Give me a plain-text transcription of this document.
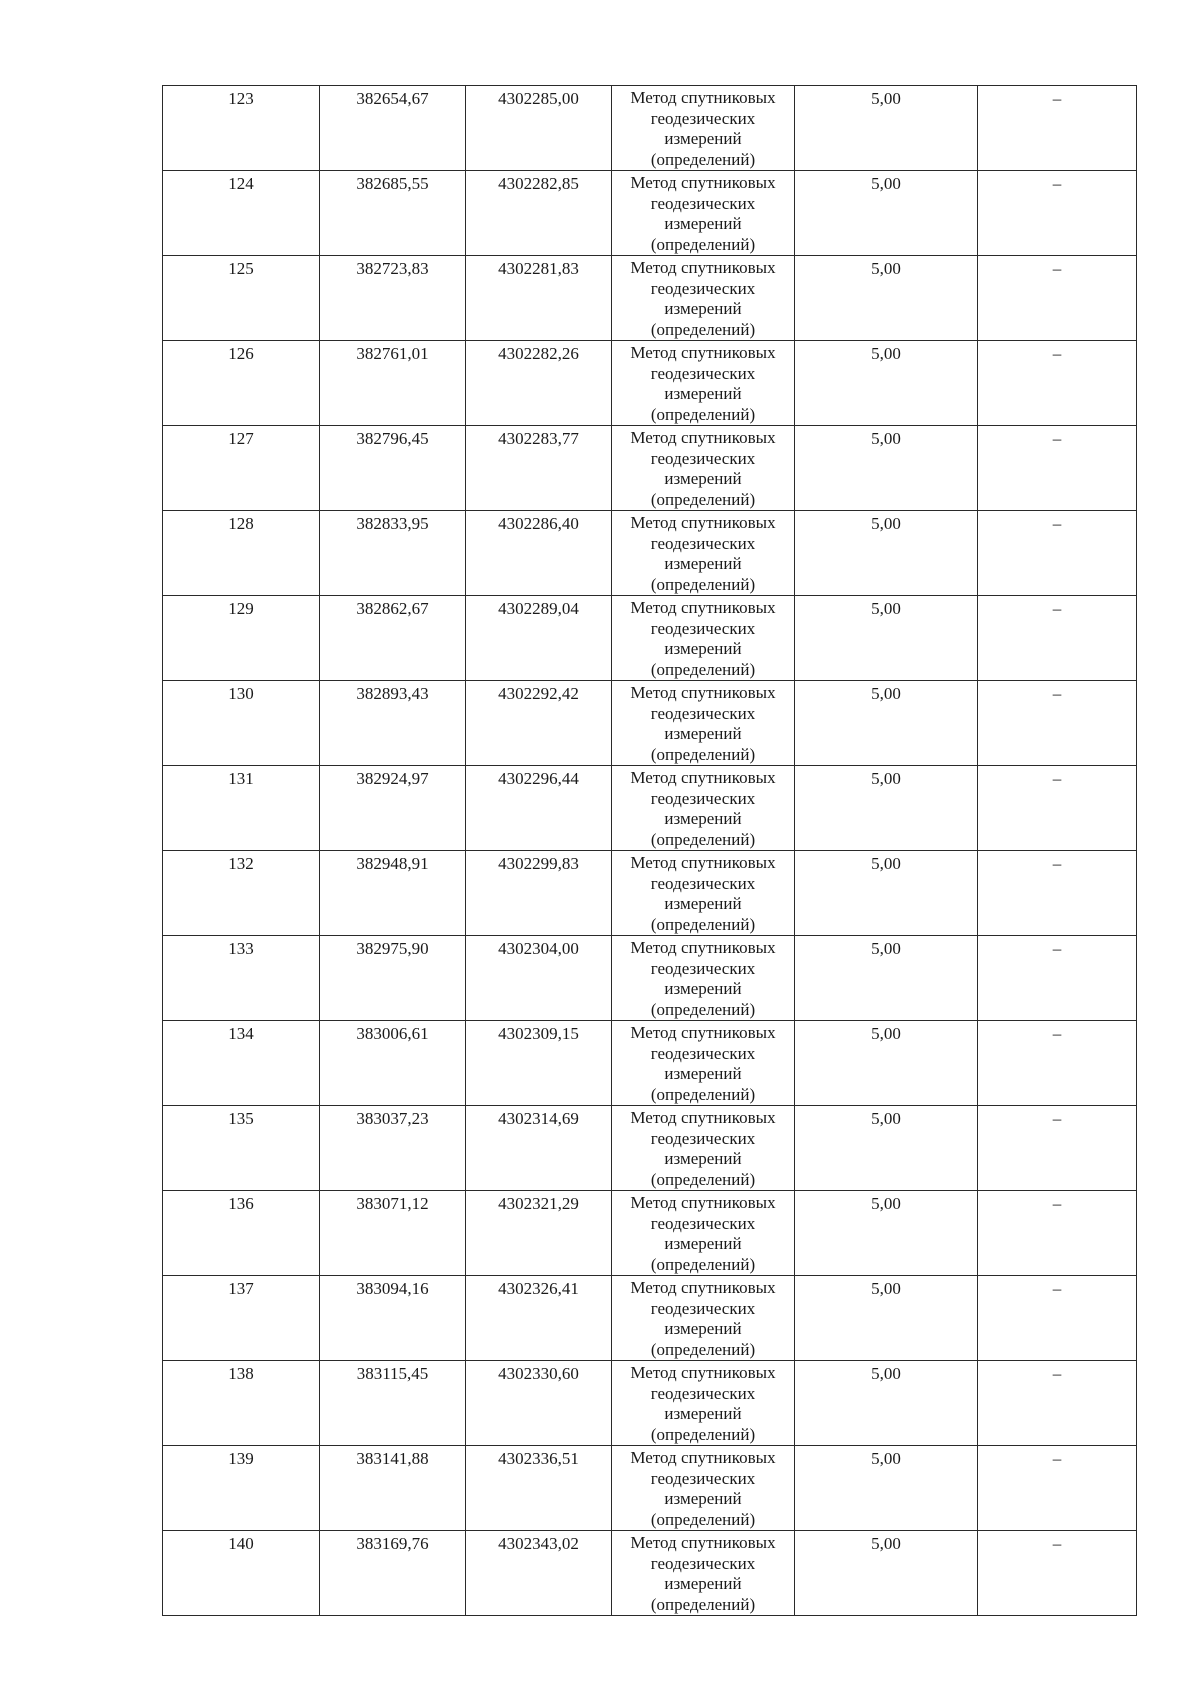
123	382654,67	4302285,00	Метод спутниковых геодезических измерений (определений)	5,00	–
124	382685,55	4302282,85	Метод спутниковых геодезических измерений (определений)	5,00	–
125	382723,83	4302281,83	Метод спутниковых геодезических измерений (определений)	5,00	–
126	382761,01	4302282,26	Метод спутниковых геодезических измерений (определений)	5,00	–
127	382796,45	4302283,77	Метод спутниковых геодезических измерений (определений)	5,00	–
128	382833,95	4302286,40	Метод спутниковых геодезических измерений (определений)	5,00	–
129	382862,67	4302289,04	Метод спутниковых геодезических измерений (определений)	5,00	–
130	382893,43	4302292,42	Метод спутниковых геодезических измерений (определений)	5,00	–
131	382924,97	4302296,44	Метод спутниковых геодезических измерений (определений)	5,00	–
132	382948,91	4302299,83	Метод спутниковых геодезических измерений (определений)	5,00	–
133	382975,90	4302304,00	Метод спутниковых геодезических измерений (определений)	5,00	–
134	383006,61	4302309,15	Метод спутниковых геодезических измерений (определений)	5,00	–
135	383037,23	4302314,69	Метод спутниковых геодезических измерений (определений)	5,00	–
136	383071,12	4302321,29	Метод спутниковых геодезических измерений (определений)	5,00	–
137	383094,16	4302326,41	Метод спутниковых геодезических измерений (определений)	5,00	–
138	383115,45	4302330,60	Метод спутниковых геодезических измерений (определений)	5,00	–
139	383141,88	4302336,51	Метод спутниковых геодезических измерений (определений)	5,00	–
140	383169,76	4302343,02	Метод спутниковых геодезических измерений (определений)	5,00	–
